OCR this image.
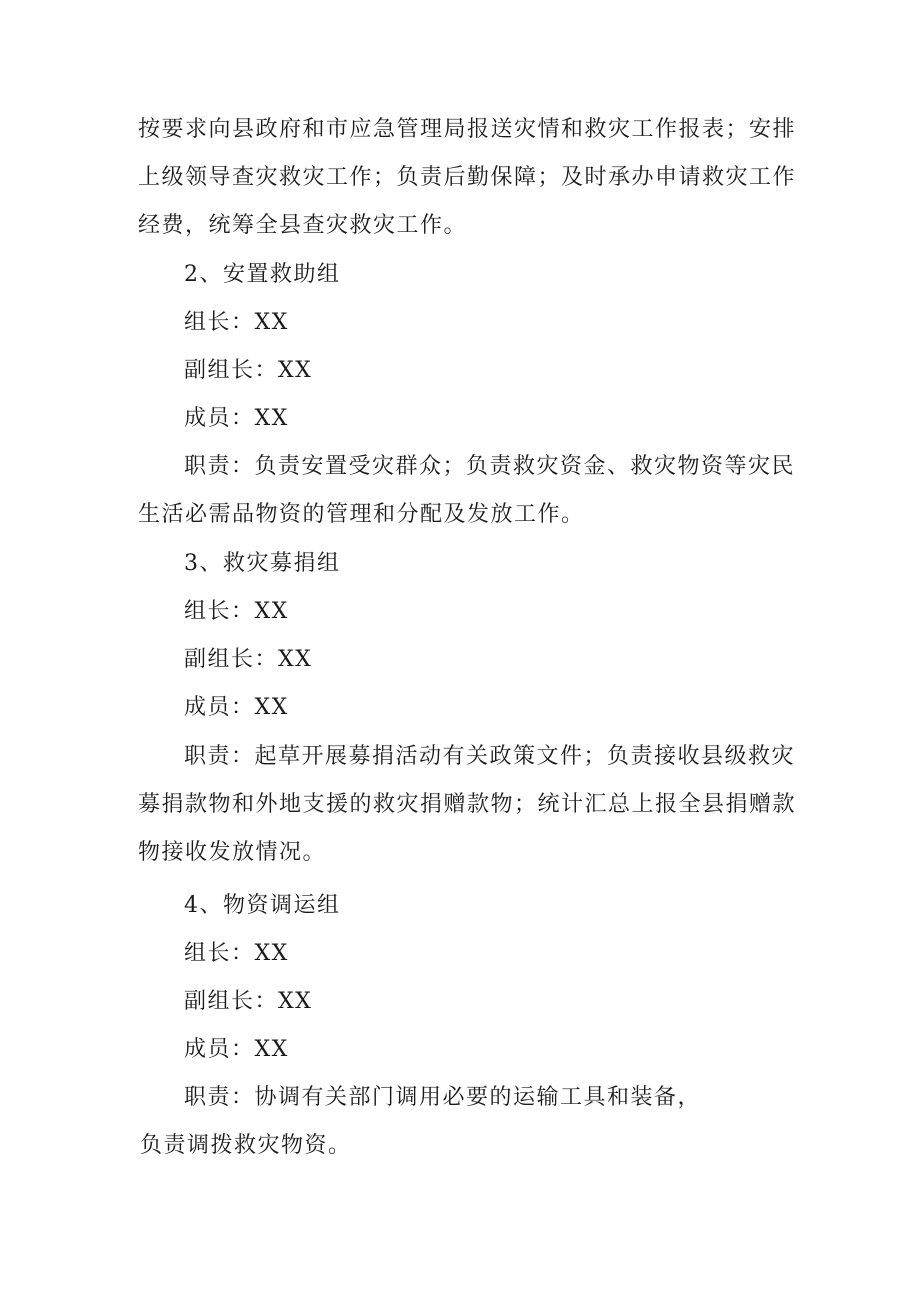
按要求向县政府和市应急管理局报送灾情和救灾工作报表；安排
上级领导查灾救灾工作；负责后勤保障；及时承办申请救灾工作
经费，统筹全县查灾救灾工作。
2、安置救助组
组长：XX
副组长：XX
成员：XX
职责：负责安置受灾群众；负责救灾资金、救灾物资等灾民
生活必需品物资的管理和分配及发放工作。
3、救灾募捐组
组长：XX
副组长：XX
成员：XX
职责：起草开展募捐活动有关政策文件；负责接收县级救灾
募捐款物和外地支援的救灾捐赠款物；统计汇总上报全县捐赠款
物接收发放情况。
4、物资调运组
组长：XX
副组长：XX
成员：XX
职责：协调有关部门调用必要的运输工具和装备，
负责调拨救灾物资。
